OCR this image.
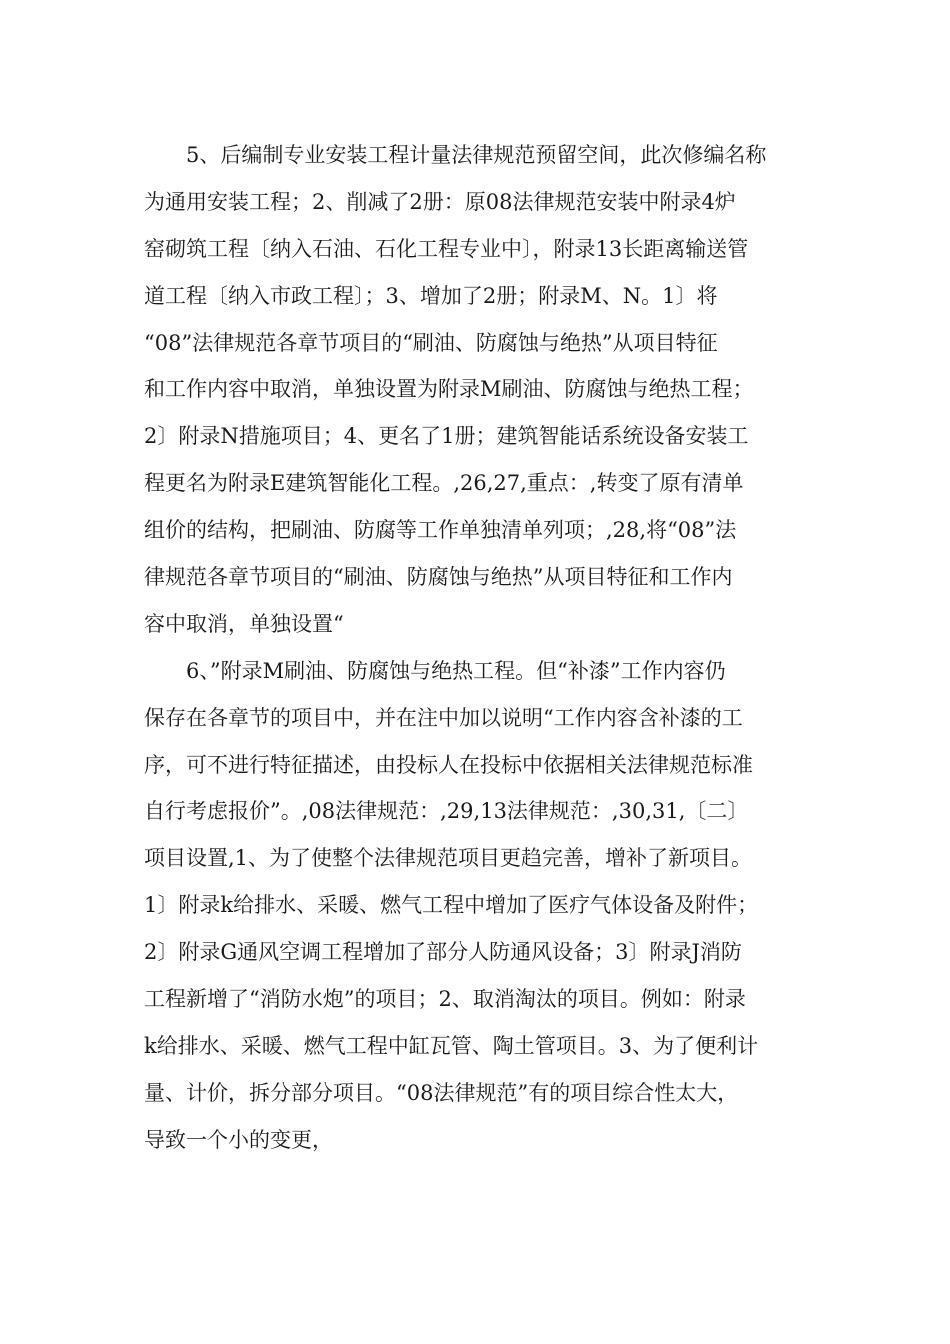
5、后编制专业安装工程计量法律规范预留空间，此次修编名称
为通用安装工程；2、削减了2册：原08法律规范安装中附录4炉
窑砌筑工程〔纳入石油、石化工程专业中〕，附录13长距离输送管
道工程〔纳入市政工程〕；3、增加了2册；附录M、N。1〕将
“08”法律规范各章节项目的“刷油、防腐蚀与绝热”从项目特征
和工作内容中取消，单独设置为附录M刷油、防腐蚀与绝热工程；
2〕附录N措施项目；4、更名了1册；建筑智能话系统设备安装工
程更名为附录E建筑智能化工程。,26,27,重点：,转变了原有清单
组价的结构，把刷油、防腐等工作单独清单列项；,28,将“08”法
律规范各章节项目的“刷油、防腐蚀与绝热”从项目特征和工作内
容中取消，单独设置“
6、”附录M刷油、防腐蚀与绝热工程。但“补漆”工作内容仍
保存在各章节的项目中，并在注中加以说明“工作内容含补漆的工
序，可不进行特征描述，由投标人在投标中依据相关法律规范标准
自行考虑报价”。,08法律规范：,29,13法律规范：,30,31,〔二〕
项目设置,1、为了使整个法律规范项目更趋完善，增补了新项目。
1〕附录k给排水、采暖、燃气工程中增加了医疗气体设备及附件；
2〕附录G通风空调工程增加了部分人防通风设备；3〕附录J消防
工程新增了“消防水炮”的项目；2、取消淘汰的项目。例如：附录
k给排水、采暖、燃气工程中缸瓦管、陶土管项目。3、为了便利计
量、计价，拆分部分项目。“08法律规范”有的项目综合性太大，
导致一个小的变更，
